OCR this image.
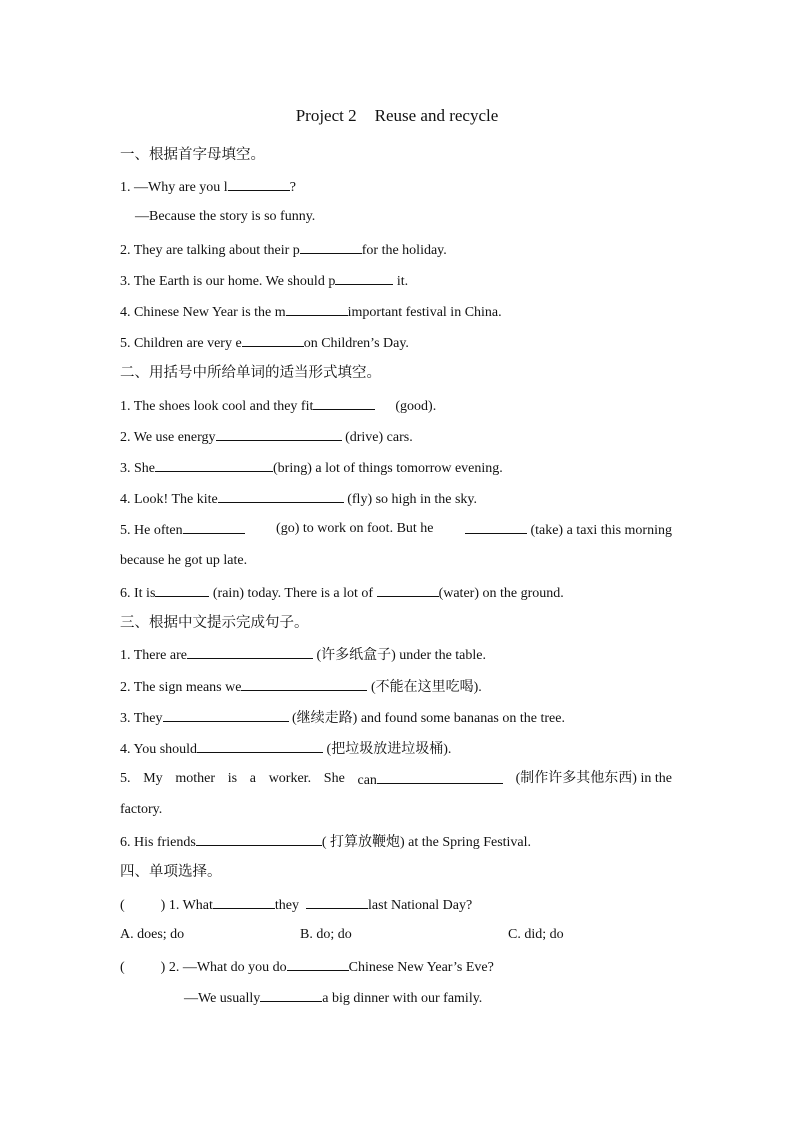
Project 2 Reuse and recycle
一、根据首字母填空。
1. —Why are you l	?
—Because the story is so funny.
2. They are talking about their p	for the holiday.
3. The Earth is our home. We should p	it.
4. Chinese New Year is the m	important festival in China.
5. Children are very e	on Children’s Day.
二、用括号中所给单词的适当形式填空。
1. The shoes look cool and they fit	(good).
2. We use energy	(drive) cars.
3. She	(bring) a lot of things tomorrow evening.
4. Look! The kite	(fly) so high in the sky.
5. He often	(go) to work on foot. But he	(take) a taxi this morning
because he got up late.
6. It is	(rain) today. There is a lot of	(water) on the ground.
三、根据中文提示完成句子。
1. There are	(许多纸盒子) under the table.
2. The sign means we	(不能在这里吃喝).
3. They	(继续走路) and found some bananas on the tree.
4. You should	(把垃圾放进垃圾桶).
5. My mother is a worker. She can	(制作许多其他东西) in the
factory.
6. His friends	( 打算放鞭炮) at the Spring Festival.
四、单项选择。
(	) 1. What	they	last National Day?
A. does; do	B. do; do	C. did; do
(	) 2. —What do you do	Chinese New Year’s Eve?
—We usually	a big dinner with our family.
